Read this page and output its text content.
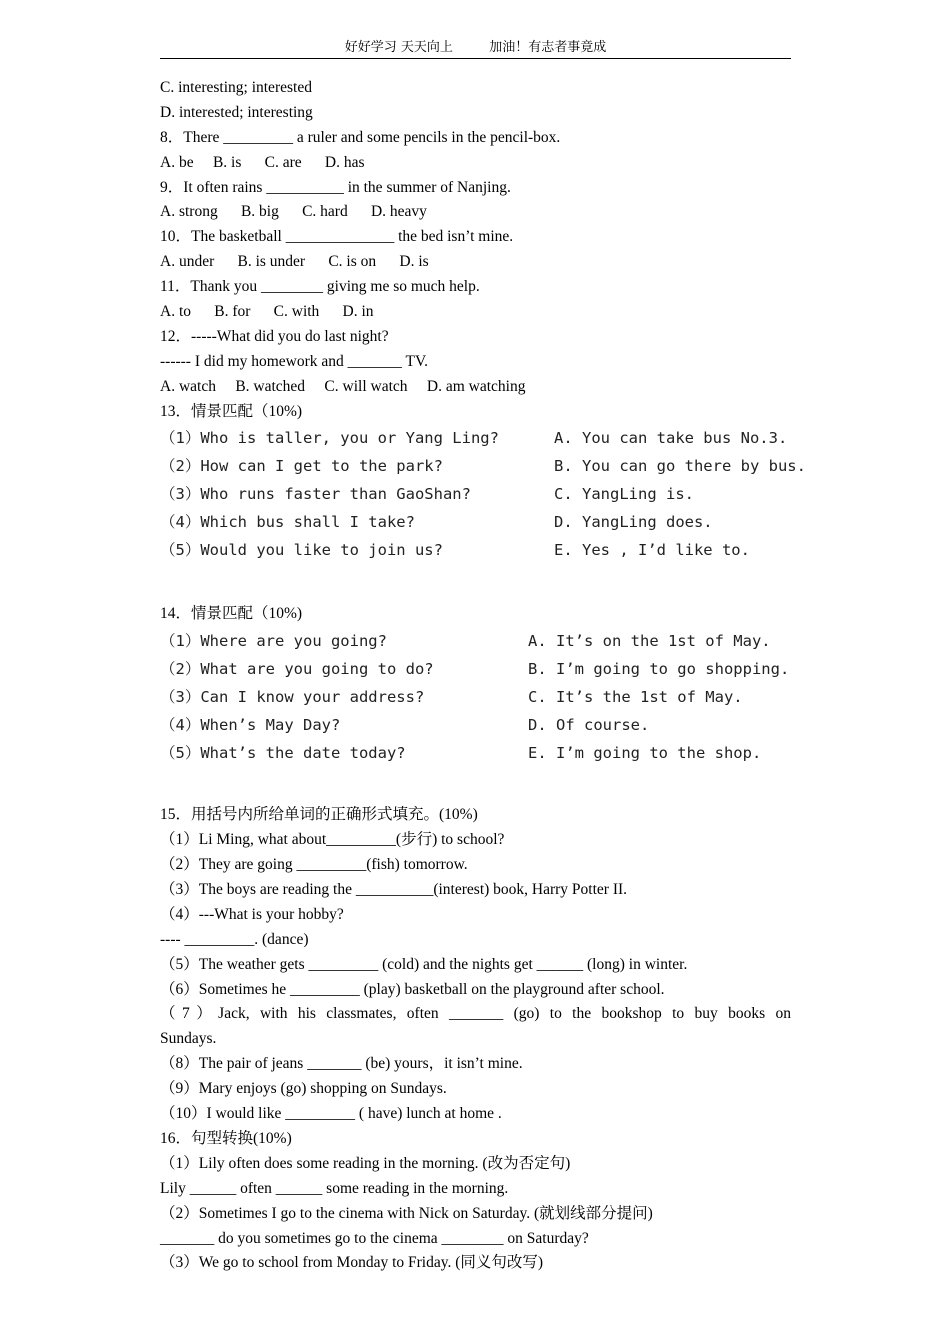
好好学习 天天向上	加油！有志者事竟成
C. interesting; interested
D. interested; interesting
8．There _________ a ruler and some pencils in the pencil-box.
A. be     B. is      C. are      D. has
9．It often rains __________ in the summer of Nanjing.
A. strong      B. big      C. hard      D. heavy
10．The basketball ______________ the bed isn’t mine.
A. under      B. is under      C. is on      D. is
11．Thank you ________ giving me so much help.
A. to      B. for      C. with      D. in
12．-----What did you do last night?
------ I did my homework and _______ TV.
A. watch     B. watched     C. will watch     D. am watching
13．情景匹配（10%)
（1）Who is taller, you or Yang Ling?	A. You can take bus No.3.
（2）How can I get to the park?	B. You can go there by bus.
（3）Who runs faster than GaoShan?	C. YangLing is.
（4）Which bus shall I take?	D. YangLing does.
（5）Would you like to join us?	E. Yes , I’d like to.
14．情景匹配（10%)
（1）Where are you going?	A. It’s on the 1st of May.
（2）What are you going to do?	B. I’m going to go shopping.
（3）Can I know your address?	C. It’s the 1st of May.
（4）When’s May Day?	D. Of course.
（5）What’s the date today?	E. I’m going to the shop.
15．用括号内所给单词的正确形式填充。(10%)
（1）Li Ming, what about_________(步行) to school?
（2）They are going _________(fish) tomorrow.
（3）The boys are reading the __________(interest) book, Harry Potter II.
（4）---What is your hobby?
---- _________. (dance)
（5）The weather gets _________ (cold) and the nights get ______ (long) in winter.
（6）Sometimes he _________ (play) basketball on the playground after school.
（7）Jack, with his classmates, often _______ (go) to the bookshop to buy books on
Sundays.
（8）The pair of jeans _______ (be) yours，it isn’t mine.
（9）Mary enjoys (go) shopping on Sundays.
（10）I would like _________ ( have) lunch at home .
16．句型转换(10%)
（1）Lily often does some reading in the morning. (改为否定句)
Lily ______ often ______ some reading in the morning.
（2）Sometimes I go to the cinema with Nick on Saturday. (就划线部分提问)
_______ do you sometimes go to the cinema ________ on Saturday?
（3）We go to school from Monday to Friday. (同义句改写)
